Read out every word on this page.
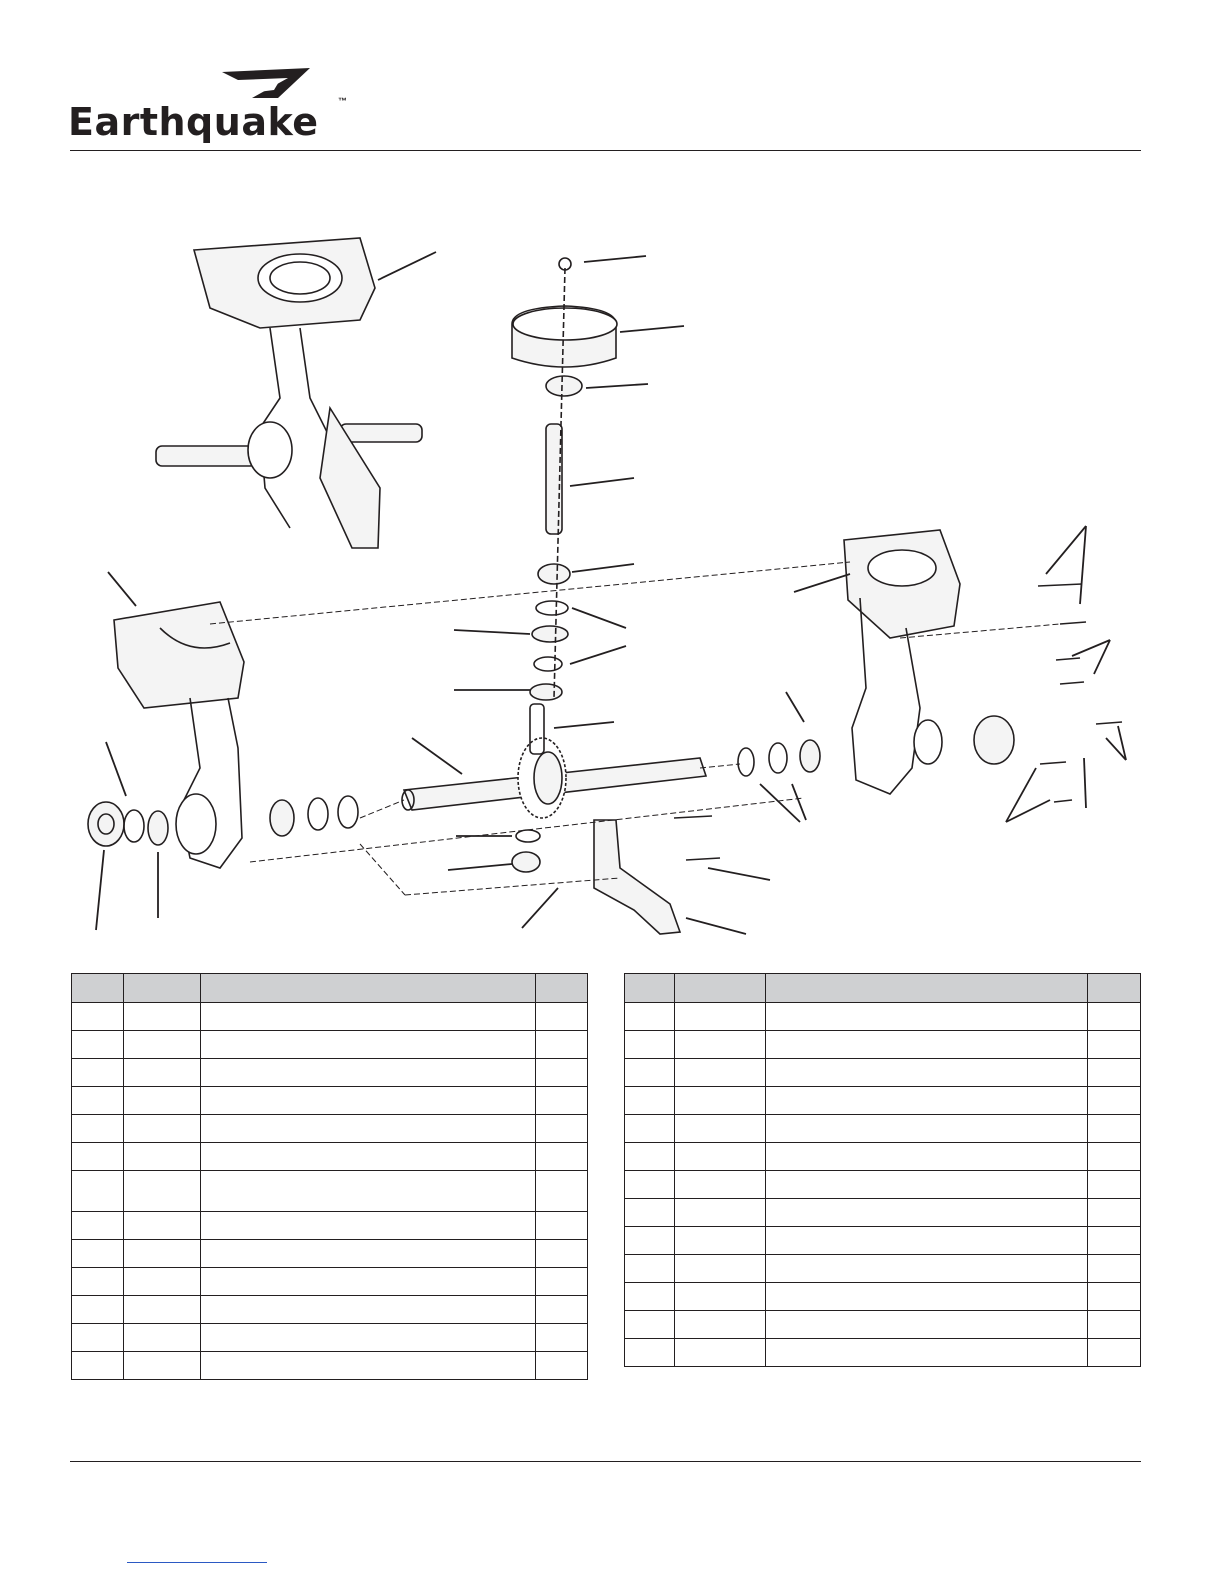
Earthquake ™
